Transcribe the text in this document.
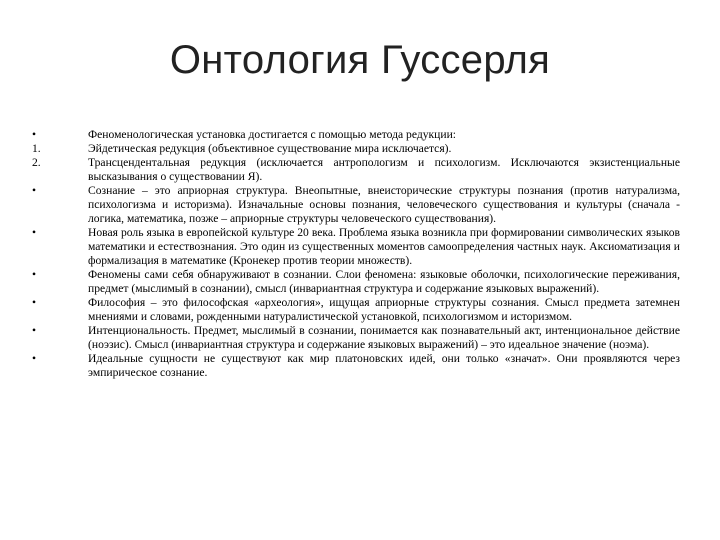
Онтология Гуссерля
•	Феноменологическая установка достигается с помощью метода редукции:
1.	Эйдетическая редукция (объективное существование мира исключается).
2.	Трансцендентальная редукция (исключается антропологизм и психологизм. Исключаются экзистенциальные высказывания о существовании Я).
•	Сознание – это априорная структура. Внеопытные, внеисторические структуры познания (против натурализма, психологизма и историзма). Изначальные основы познания, человеческого существования и культуры (сначала - логика, математика, позже – априорные структуры человеческого существования).
•	Новая роль языка в европейской культуре 20 века. Проблема языка возникла при формировании символических языков математики и естествознания. Это один из существенных моментов самоопределения частных наук. Аксиоматизация и формализация в математике (Кронекер против теории множеств).
•	Феномены сами себя обнаруживают в сознании. Слои феномена: языковые оболочки, психологические переживания, предмет (мыслимый в сознании), смысл (инвариантная структура и содержание языковых выражений).
•	Философия – это философская «археология», ищущая априорные структуры сознания. Смысл предмета затемнен мнениями и словами, рожденными натуралистической установкой, психологизмом и историзмом.
•	Интенциональность. Предмет, мыслимый в сознании, понимается как познавательный акт, интенциональное действие (ноэзис). Смысл (инвариантная структура и содержание языковых выражений) – это идеальное значение (ноэма).
•	Идеальные сущности не существуют как мир платоновских идей, они только «значат». Они проявляются через эмпирическое сознание.
